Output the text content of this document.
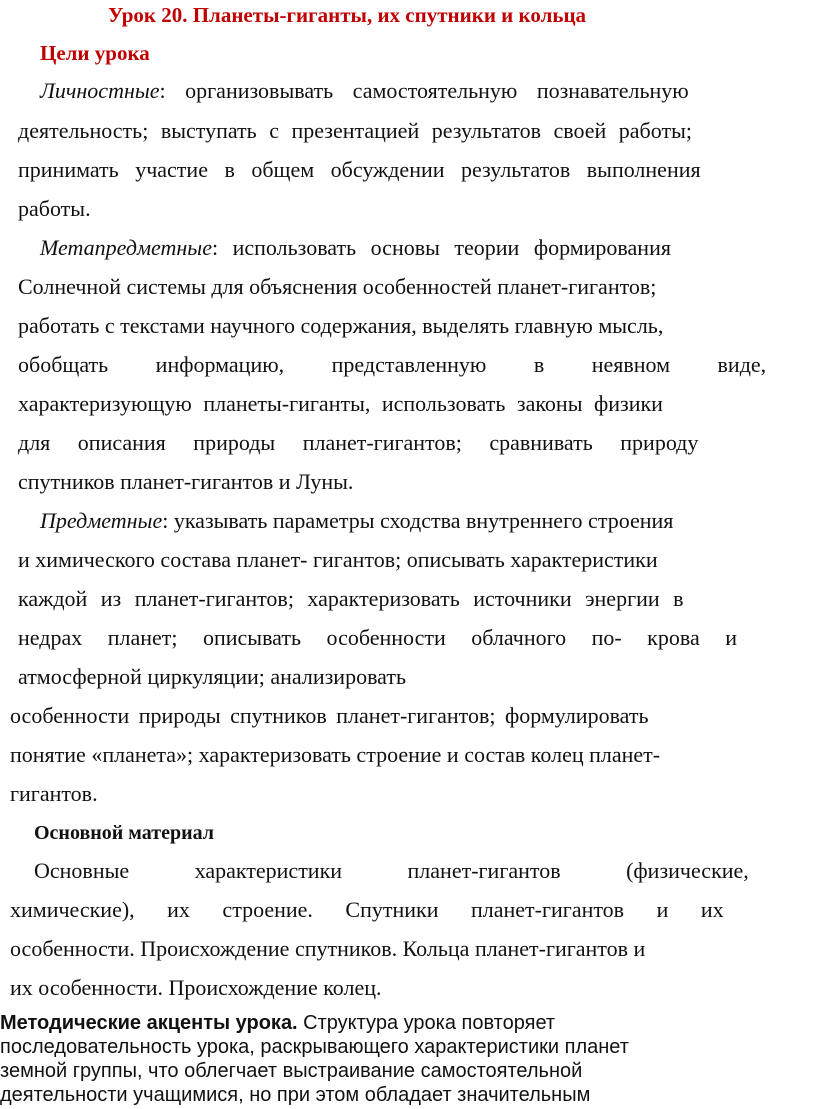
Урок 20. Планеты-гиганты, их спутники и кольца
Цели урока
Личностные: организовывать самостоятельную познавательную
деятельность; выступать с презентацией результатов своей работы;
принимать участие в общем обсуждении результатов выполнения
работы.
Метапредметные: использовать основы теории формирования
Солнечной системы для объяснения особенностей планет-гигантов;
работать с текстами научного содержания, выделять главную мысль,
обобщать информацию, представленную в неявном виде,
характеризующую планеты-гиганты, использовать законы физики
для описания природы планет-гигантов; сравнивать природу
спутников планет-гигантов и Луны.
Предметные: указывать параметры сходства внутреннего строения
и химического состава планет- гигантов; описывать характеристики
каждой из планет-гигантов; характеризовать источники энергии в
недрах планет; описывать особенности облачного по- крова и
атмосферной циркуляции; анализировать
особенности природы спутников планет-гигантов; формулировать
понятие «планета»; характеризовать строение и состав колец планет-
гигантов.
Основной материал
Основные характеристики планет-гигантов (физические,
химические), их строение. Спутники планет-гигантов и их
особенности. Происхождение спутников. Кольца планет-гигантов и
их особенности. Происхождение колец.
Методические акценты урока. Структура урока повторяет
последовательность урока, раскрывающего характеристики планет
земной группы, что облегчает выстраивание самостоятельной
деятельности учащимися, но при этом обладает значительным
